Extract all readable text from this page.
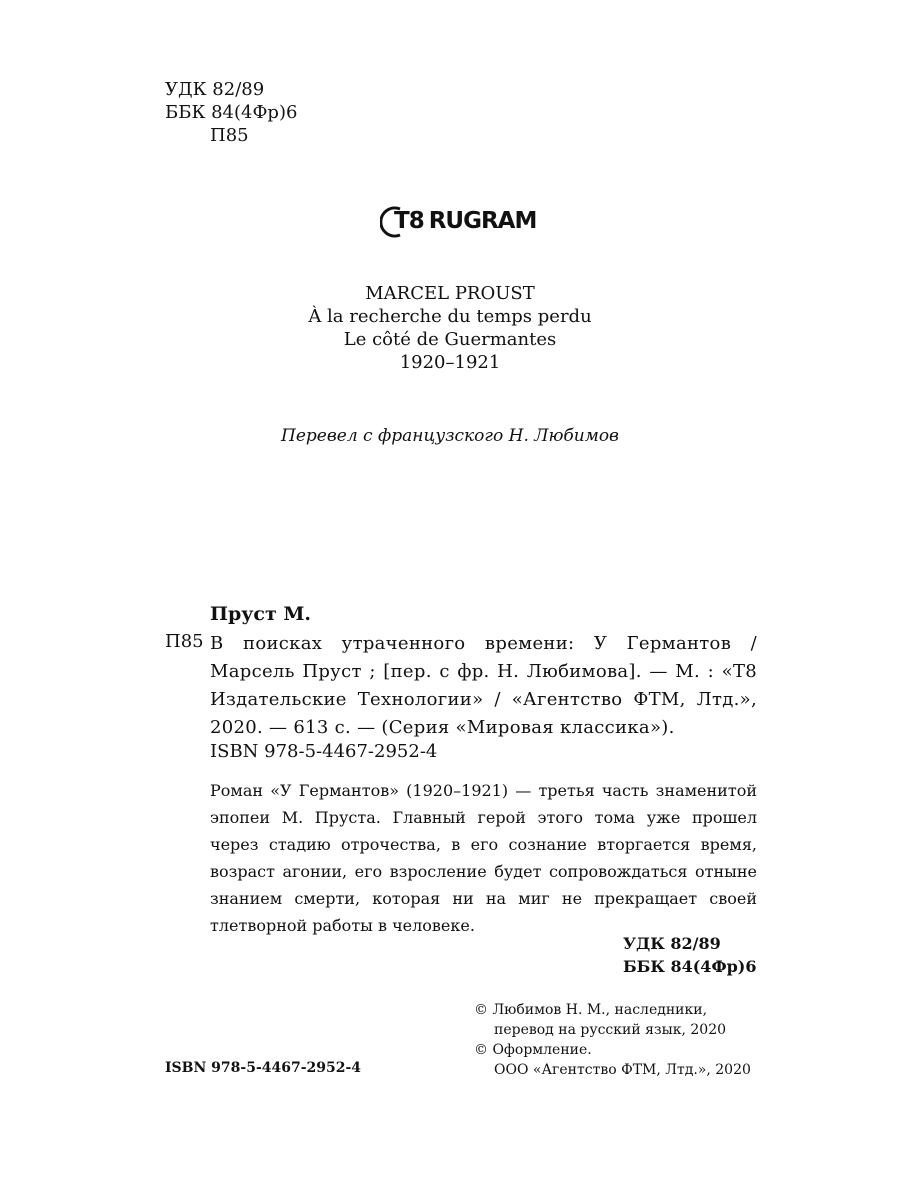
УДК 82/89
ББК 84(4Фр)6
П85
T8 RUGRAM
MARCEL PROUST
À la recherche du temps perdu
Le côté de Guermantes
1920–1921
Перевел с французского Н. Любимов
Пруст М.
П85 В поисках утраченного времени: У Германтов / Марсель Пруст ; [пер. с фр. Н. Любимова]. — М. : «Т8 Издательские Технологии» / «Агентство ФТМ, Лтд.», 2020. — 613 с. — (Серия «Мировая классика»).
ISBN 978-5-4467-2952-4
Роман «У Германтов» (1920–1921) — третья часть знаменитой эпопеи М. Пруста. Главный герой этого тома уже прошел через стадию отрочества, в его сознание вторгается время, возраст агонии, его взросление будет сопровождаться отныне знанием смерти, которая ни на миг не прекращает своей тлетворной работы в человеке.
УДК 82/89
ББК 84(4Фр)6
© Любимов Н. М., наследники,
перевод на русский язык, 2020
© Оформление.
ООО «Агентство ФТМ, Лтд.», 2020
ISBN 978-5-4467-2952-4
